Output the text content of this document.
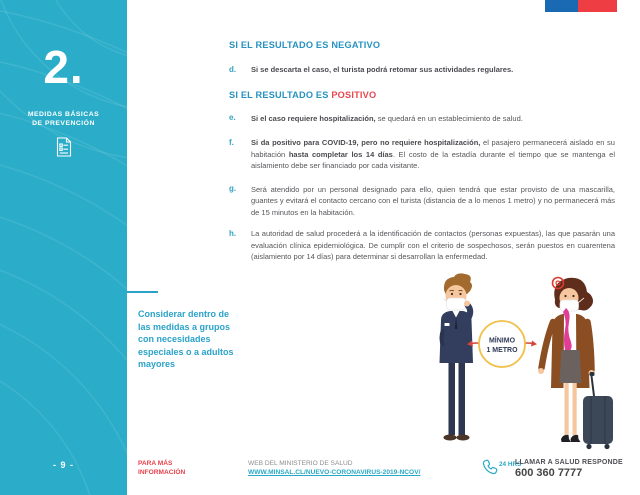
2.
MEDIDAS BÁSICAS
DE PREVENCIÓN
- 9 -
SI EL RESULTADO ES NEGATIVO
d.	Si se descarta el caso, el turista podrá retomar sus actividades regulares.

SI EL RESULTADO ES POSITIVO
e.	Si el caso requiere hospitalización, se quedará en un establecimiento de salud.

f.	Si da positivo para COVID-19, pero no requiere hospitalización, el pasajero permanecerá aislado en su habitación hasta completar los 14 días. El costo de la estadía durante el tiempo que se mantenga el aislamiento debe ser financiado por cada visitante.

g.	Será atendido por un personal designado para ello, quien tendrá que estar provisto de una mascarilla, guantes y evitará el contacto cercano con el turista (distancia de a lo menos 1 metro) y no permanecerá más de 15 minutos en la habitación.

h.	La autoridad de salud procederá a la identificación de contactos (personas expuestas), las que pasarán una evaluación clínica epidemiológica. De cumplir con el criterio de sospechosos, serán puestos en cuarentena (aislamiento por 14 días) para determinar si desarrollan la enfermedad.

Considerar dentro de las medidas a grupos con necesidades especiales o a adultos mayores
MÍNIMO
1 METRO
PARA MÁS
INFORMACIÓN
WEB DEL MINISTERIO DE SALUD
WWW.MINSAL.CL/NUEVO-CORONAVIRUS-2019-NCOV/
24 HRS
LLAMAR A SALUD RESPONDE
600 360 7777
